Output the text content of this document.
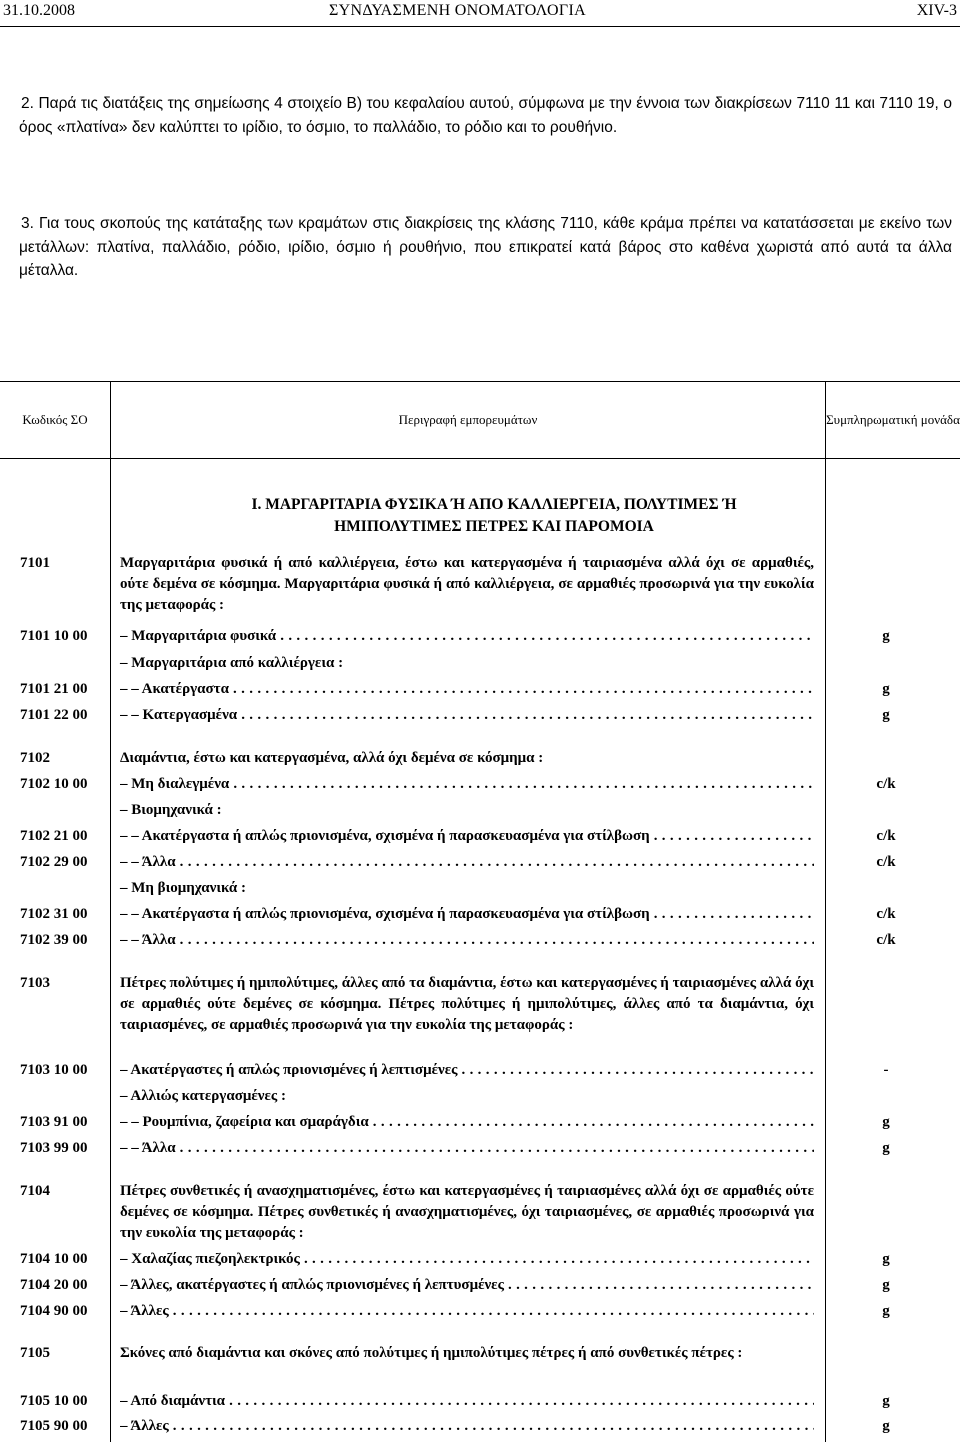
31.10.2008	ΣΥΝΔΥΑΣΜΕΝΗ ΟΝΟΜΑΤΟΛΟΓΙΑ	XIV-3

2. Παρά τις διατάξεις της σημείωσης 4 στοιχείο Β) του κεφαλαίου αυτού, σύμφωνα με την έννοια των διακρίσεων 7110 11 και 7110 19, ο όρος «πλατίνα» δεν καλύπτει το ιρίδιο, το όσμιο, το παλλάδιο, το ρόδιο και το ρουθήνιο.

3. Για τους σκοπούς της κατάταξης των κραμάτων στις διακρίσεις της κλάσης 7110, κάθε κράμα πρέπει να κατατάσσεται με εκείνο των μετάλλων: πλατίνα, παλλάδιο, ρόδιο, ιρίδιο, όσμιο ή ρουθήνιο, που επικρατεί κατά βάρος στο καθένα χωριστά από αυτά τα άλλα μέταλλα.

Κωδικός ΣΟ	Περιγραφή εμπορευμάτων	Συμπληρωματική μονάδα
I. ΜΑΡΓΑΡΙΤΑΡΙΑ ΦΥΣΙΚΑ Ή ΑΠΟ ΚΑΛΛΙΕΡΓΕΙΑ, ΠΟΛΥΤΙΜΕΣ Ή ΗΜΙΠΟΛΥΤΙΜΕΣ ΠΕΤΡΕΣ ΚΑΙ ΠΑΡΟΜΟΙΑ
7101	Μαργαριτάρια φυσικά ή από καλλιέργεια, έστω και κατεργασμένα ή ταιριασμένα αλλά όχι σε αρμαθιές, ούτε δεμένα σε κόσμημα. Μαργαριτάρια φυσικά ή από καλλιέργεια, σε αρμαθιές προσωρινά για την ευκολία της μεταφοράς :
7101 10 00 – Μαργαριτάρια φυσικά . . .	g
– Μαργαριτάρια από καλλιέργεια :
7101 21 00 – – Ακατέργαστα . . .	g
7101 22 00 – – Κατεργασμένα . . .	g
7102	Διαμάντια, έστω και κατεργασμένα, αλλά όχι δεμένα σε κόσμημα :
7102 10 00 – Μη διαλεγμένα . . .	c/k
– Βιομηχανικά :
7102 21 00 – – Ακατέργαστα ή απλώς πριονισμένα, σχισμένα ή παρασκευασμένα για στίλβωση . . .	c/k
7102 29 00 – – Άλλα . . .	c/k
– Μη βιομηχανικά :
7102 31 00 – – Ακατέργαστα ή απλώς πριονισμένα, σχισμένα ή παρασκευασμένα για στίλβωση . . .	c/k
7102 39 00 – – Άλλα . . .	c/k
7103	Πέτρες πολύτιμες ή ημιπολύτιμες, άλλες από τα διαμάντια, έστω και κατεργασμένες ή ταιριασμένες αλλά όχι σε αρμαθιές ούτε δεμένες σε κόσμημα. Πέτρες πολύτιμες ή ημιπολύτιμες, άλλες από τα διαμάντια, όχι ταιριασμένες, σε αρμαθιές προσωρινά για την ευκολία της μεταφοράς :
7103 10 00 – Ακατέργαστες ή απλώς πριονισμένες ή λεπτισμένες . . .	-
– Αλλιώς κατεργασμένες :
7103 91 00 – – Ρουμπίνια, ζαφείρια και σμαράγδια . . .	g
7103 99 00 – – Άλλα . . .	g
7104	Πέτρες συνθετικές ή ανασχηματισμένες, έστω και κατεργασμένες ή ταιριασμένες αλλά όχι σε αρμαθιές ούτε δεμένες σε κόσμημα. Πέτρες συνθετικές ή ανασχηματισμένες, όχι ταιριασμένες, σε αρμαθιές προσωρινά για την ευκολία της μεταφοράς :
7104 10 00 – Χαλαζίας πιεζοηλεκτρικός . . .	g
7104 20 00 – Άλλες, ακατέργαστες ή απλώς πριονισμένες ή λεπτυσμένες . . .	g
7104 90 00 – Άλλες . . .	g
7105	Σκόνες από διαμάντια και σκόνες από πολύτιμες ή ημιπολύτιμες πέτρες ή από συνθετικές πέτρες :
7105 10 00 – Από διαμάντια . . .	g
7105 90 00 – Άλλες . . .	g
